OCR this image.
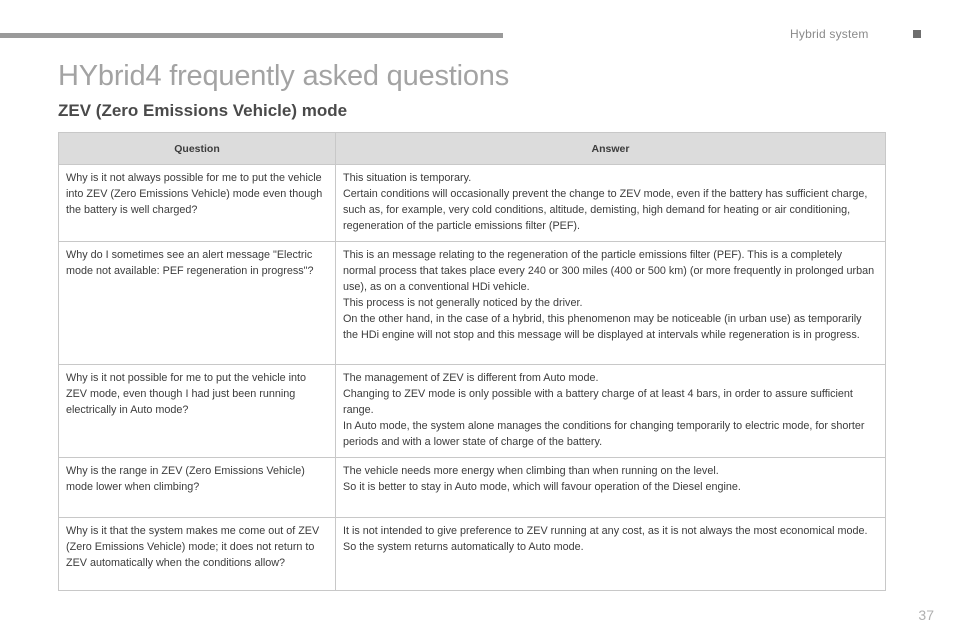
Hybrid system
HYbrid4 frequently asked questions
ZEV (Zero Emissions Vehicle) mode
Question	Answer
Why is it not always possible for me to put the vehicle into ZEV (Zero Emissions Vehicle) mode even though the battery is well charged?	This situation is temporary.
Certain conditions will occasionally prevent the change to ZEV mode, even if the battery has sufficient charge, such as, for example, very cold conditions, altitude, demisting, high demand for heating or air conditioning, regeneration of the particle emissions filter (PEF).
Why do I sometimes see an alert message "Electric mode not available: PEF regeneration in progress"?	This is an message relating to the regeneration of the particle emissions filter (PEF). This is a completely normal process that takes place every 240 or 300 miles (400 or 500 km) (or more frequently in prolonged urban use), as on a conventional HDi vehicle.
This process is not generally noticed by the driver.
On the other hand, in the case of a hybrid, this phenomenon may be noticeable (in urban use) as temporarily the HDi engine will not stop and this message will be displayed at intervals while regeneration is in progress.
Why is it not possible for me to put the vehicle into ZEV mode, even though I had just been running electrically in Auto mode?	The management of ZEV is different from Auto mode.
Changing to ZEV mode is only possible with a battery charge of at least 4 bars, in order to assure sufficient range.
In Auto mode, the system alone manages the conditions for changing temporarily to electric mode, for shorter periods and with a lower state of charge of the battery.
Why is the range in ZEV (Zero Emissions Vehicle) mode lower when climbing?	The vehicle needs more energy when climbing than when running on the level.
So it is better to stay in Auto mode, which will favour operation of the Diesel engine.
Why is it that the system makes me come out of ZEV (Zero Emissions Vehicle) mode; it does not return to ZEV automatically when the conditions allow?	It is not intended to give preference to ZEV running at any cost, as it is not always the most economical mode.
So the system returns automatically to Auto mode.
37
